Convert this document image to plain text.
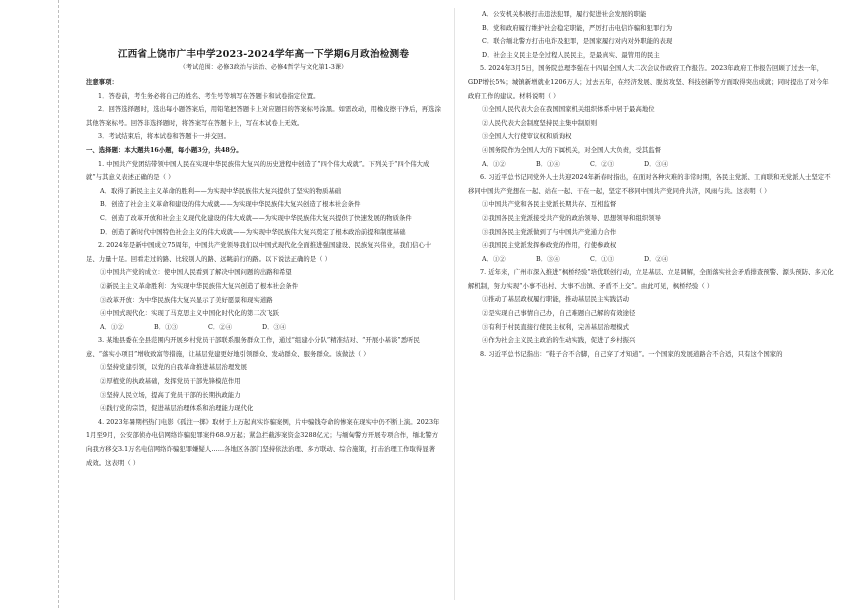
江西省上饶市广丰中学2023-2024学年高一下学期6月政治检测卷
（考试范围：必修3政治与法治、必修4哲学与文化第1-3课）
注意事项：
1．答卷前，考生务必将自己的姓名、考生号等填写在答题卡和试卷指定位置。
2．回答选择题时，选出每小题答案后，用铅笔把答题卡上对应题目的答案标号涂黑。如需改动，用橡皮擦干净后，再选涂其他答案标号。回答非选择题时，将答案写在答题卡上，写在本试卷上无效。
3．考试结束后，将本试卷和答题卡一并交回。
一、选择题：本大题共16小题，每小题3分，共48分。
1. 中国共产党团结带领中国人民在实现中华民族伟大复兴的历史进程中创造了“四个伟大成就”。下列关于“四个伟大成就”与其意义表述正确的是（ ）
A．取得了新民主主义革命的胜利——为实现中华民族伟大复兴提供了坚实的物质基础
B．创造了社会主义革命和建设的伟大成就——为实现中华民族伟大复兴创造了根本社会条件
C．创造了改革开放和社会主义现代化建设的伟大成就——为实现中华民族伟大复兴提供了快速发展的物质条件
D．创造了新时代中国特色社会主义的伟大成就——为实现中华民族伟大复兴奠定了根本政治前提和制度基础
2. 2024年是新中国成立75周年，中国共产党领导我们以中国式现代化全面推进强国建设、民族复兴伟业，我们信心十足、力量十足。回看走过的路、比较别人的路、远眺前行的路。以下说法正确的是（ ）
①中国共产党的成立：使中国人民看到了解决中国问题的出路和希望
②新民主主义革命胜利：为实现中华民族伟大复兴创造了根本社会条件
③改革开放：为中华民族伟大复兴显示了美好愿景和现实道路
④中国式现代化：实现了马克思主义中国化时代化的第二次飞跃
A．①②	B．①③	C．②④	D．③④
3. 某地县委在全县范围内开展乡村党员干部联系服务群众工作，通过“组建小分队”精准结对、“开展小基谈”悉听民意、“落实小项目”增收致富等措施，让基层党建更好地引领群众、发动群众、服务群众。该做法（ ）
①坚持党建引领，以党的自我革命推进基层治理发展
②厚植党的执政基础，发挥党员干部先锋模范作用
③坚持人民立场，提高了党员干部的长期执政能力
④践行党的宗旨，促进基层治理体系和治理能力现代化
4. 2023年暑期档热门电影《孤注一掷》取材于上万起真实诈骗案例，片中骗钱夺命的惨案在现实中仍不断上演。2023年1月至9月，公安部侦办电信网络诈骗犯罪案件68.9万起；紧急拦截涉案资金3288亿元；与缅甸警方开展专项合作，缅北警方向我方移交3.1万名电信网络诈骗犯罪嫌疑人……各地区各部门坚持依法治理、多方联动、综合施策，打击治理工作取得显著成效。这表明（ ）
A．公安机关积极打击违法犯罪，履行促进社会发展的职能
B．党和政府履行维护社会稳定职能，严厉打击电信诈骗和犯罪行为
C．联合缅北警方打击电诈及犯罪，是国家履行对内对外职能的表现
D．社会主义民主是全过程人民民主，是最真实、最管用的民主
5. 2024年3月5日，国务院总理李强在十四届全国人大二次会议作政府工作报告。2023年政府工作报告回顾了过去一年，GDP增长5%；城镇新增就业1206万人；过去五年，在经济发展、脱贫攻坚、科技创新等方面取得突出成就；同时提出了对今年政府工作的建议。材料说明（ ）
①全国人民代表大会在我国国家机关组织体系中居于最高地位
②人民代表大会制度坚持民主集中制原则
③全国人大行使审议权和质询权
④国务院作为全国人大的下属机关，对全国人大负责，受其监督
A．①②	B．①④	C．②③	D．③④
6. 习近平总书记同党外人士共迎2024年新春时指出，在面对各种灾难的非常时期，各民主党派、工商联和无党派人士坚定不移同中国共产党想在一起、站在一起、干在一起，坚定不移同中国共产党同舟共济，风雨与共。这表明（ ）
①中国共产党和各民主党派长期共存、互相监督
②我国各民主党派接受共产党的政治领导、思想领导和组织领导
③我国各民主党派做到了与中国共产党通力合作
④我国民主党派发挥参政党的作用，行使参政权
A．①②	B．③④	C．①③	D．②④
7. 近年来，广州市深入推进“枫桥经验”培优联创行动，立足基层、立足调解，全面落实社会矛盾排查预警、源头预防、多元化解机制，努力实现“小事不出村、大事不出镇、矛盾不上交”。由此可见，枫桥经验（ ）
①推动了基层政权履行职能，推动基层民主实践活动
②是实现自己事情自己办，自己难题自己解的有效途径
③有利于村民直接行使民主权利，完善基层治理模式
④作为社会主义民主政治的生动实践，促进了乡村振兴
8. 习近平总书记指出：“鞋子合不合脚，自己穿了才知道”。一个国家的发展道路合不合适，只有这个国家的
